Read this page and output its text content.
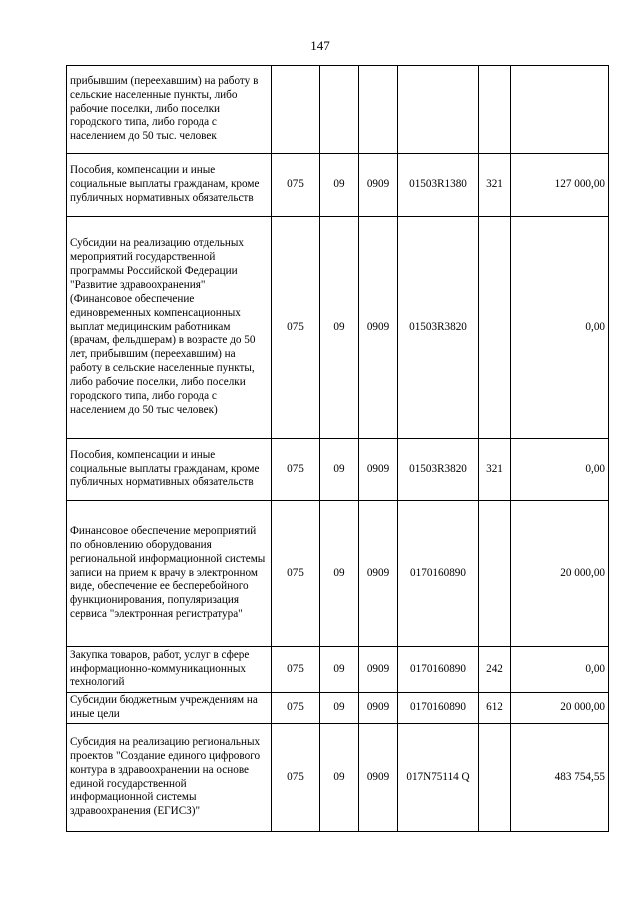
147
прибывшим (переехавшим) на работу в сельские населенные пункты, либо рабочие поселки, либо поселки городского типа, либо города с населением до 50 тыс. человек						
Пособия, компенсации и иные социальные выплаты гражданам, кроме публичных нормативных обязательств	075	09	0909	01503R1380	321	127 000,00
Субсидии на реализацию отдельных мероприятий государственной программы Российской Федерации "Развитие здравоохранения" (Финансовое обеспечение единовременных компенсационных выплат медицинским работникам (врачам, фельдшерам) в возрасте до 50 лет, прибывшим (переехавшим) на работу в сельские населенные пункты, либо рабочие поселки, либо поселки городского типа, либо города с населением до 50 тыс человек)	075	09	0909	01503R3820		0,00
Пособия, компенсации и иные социальные выплаты гражданам, кроме публичных нормативных обязательств	075	09	0909	01503R3820	321	0,00
Финансовое обеспечение мероприятий по обновлению оборудования региональной информационной системы записи на прием к врачу в электронном виде, обеспечение ее бесперебойного функционирования, популяризация сервиса "электронная регистратура"	075	09	0909	0170160890		20 000,00
Закупка товаров, работ, услуг в сфере информационно-коммуникационных технологий	075	09	0909	0170160890	242	0,00
Субсидии бюджетным учреждениям на иные цели	075	09	0909	0170160890	612	20 000,00
Субсидия на реализацию региональных проектов "Создание единого цифрового контура в здравоохранении на основе единой государственной информационной системы здравоохранения (ЕГИСЗ)"	075	09	0909	017N75114 Q		483 754,55
